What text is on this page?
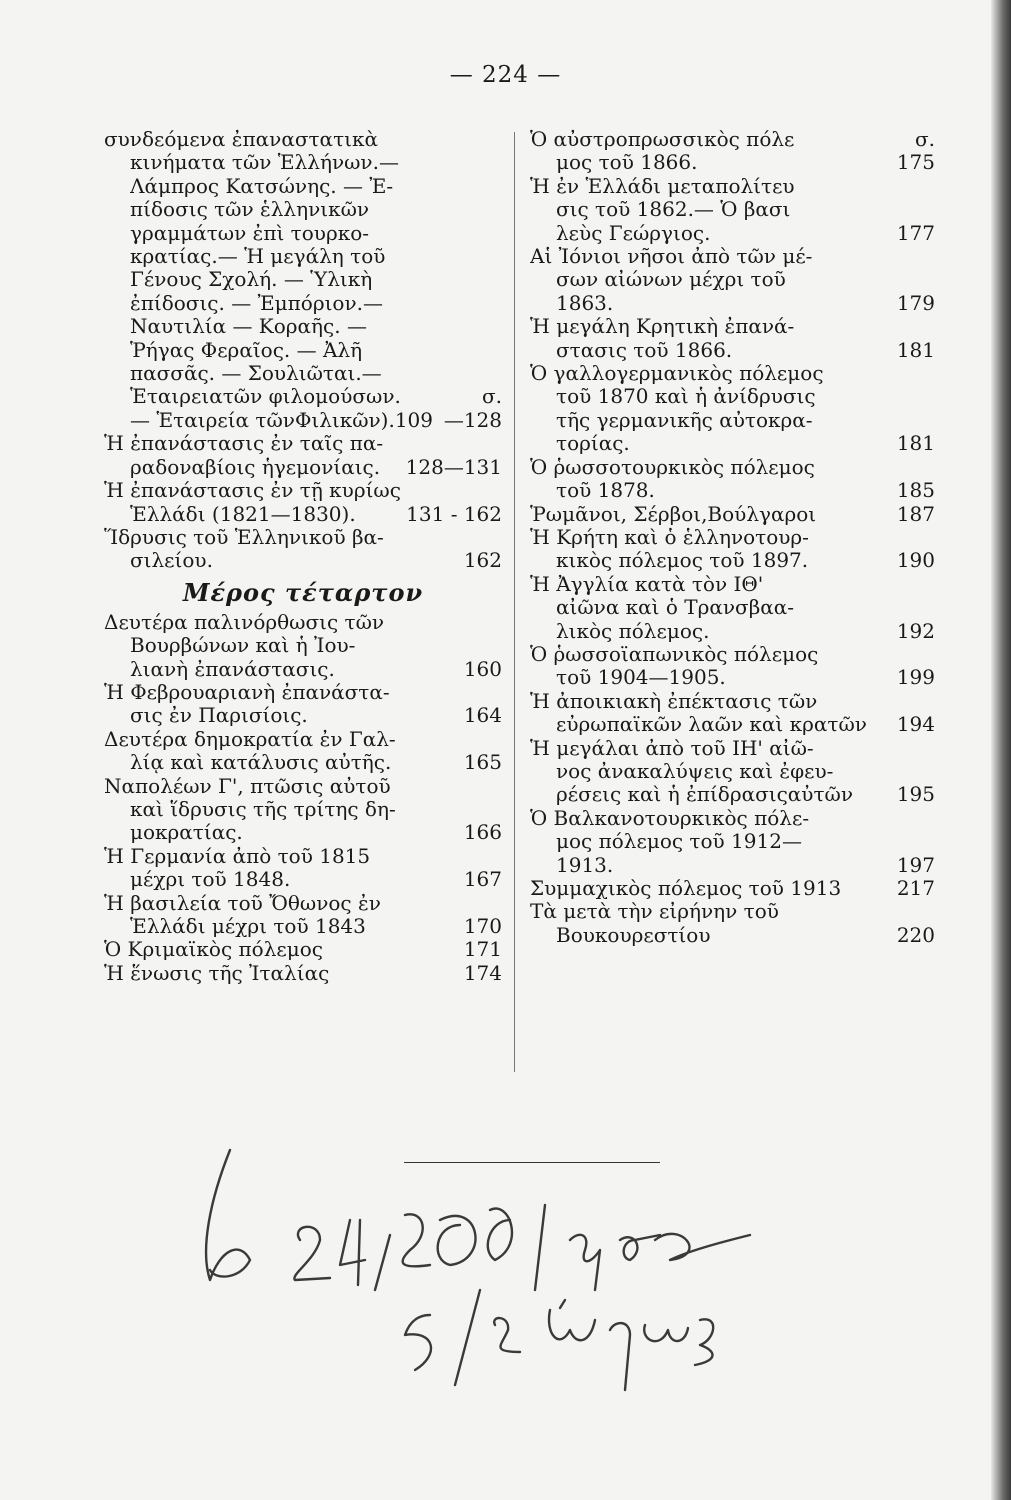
— 224 —
συνδεόμενα ἐπαναστατικὰ
κινήματα τῶν Ἑλλήνων.—
Λάμπρος Κατσώνης. — Ἐ-
πίδοσις τῶν ἑλληνικῶν
γραμμάτων ἐπὶ τουρκο-
κρατίας.— Ἡ μεγάλη τοῦ
Γένους Σχολή. — Ὑλικὴ
ἐπίδοσις. — Ἐμπόριον.—
Ναυτιλία — Κοραῆς. —
Ῥήγας Φεραῖος. — Ἀλῆ
πασσᾶς. — Σουλιῶται.—
Ἑταιρειατῶν φιλομούσων.	σ.
— Ἑταιρεία τῶνΦιλικῶν).109 —128
Ἡ ἐπανάστασις ἐν ταῖς πα-
ραδοναβίοις ἡγεμονίαις.	128—131
Ἡ ἐπανάστασις ἐν τῇ κυρίως
Ἑλλάδι (1821—1830).	131 - 162
Ἵδρυσις τοῦ Ἑλληνικοῦ βα-
σιλείου.	162
Μέρος τέταρτον
Δευτέρα παλινόρθωσις τῶν
Βουρβώνων καὶ ἡ Ἰου-
λιανὴ ἐπανάστασις.	160
Ἡ Φεβρουαριανὴ ἐπανάστα-
σις ἐν Παρισίοις.	164
Δευτέρα δημοκρατία ἐν Γαλ-
λίᾳ καὶ κατάλυσις αὐτῆς.	165
Ναπολέων Γ', πτῶσις αὐτοῦ
καὶ ἵδρυσις τῆς τρίτης δη-
μοκρατίας.	166
Ἡ Γερμανία ἀπὸ τοῦ 1815
μέχρι τοῦ 1848.	167
Ἡ βασιλεία τοῦ Ὄθωνος ἐν
Ἑλλάδι μέχρι τοῦ 1843	170
Ὁ Κριμαϊκὸς πόλεμος	171
Ἡ ἕνωσις τῆς Ἰταλίας	174
Ὁ αὐστροπρωσσικὸς πόλε	σ.
μος τοῦ 1866.	175
Ἡ ἐν Ἑλλάδι μεταπολίτευ
σις τοῦ 1862.— Ὁ βασι
λεὺς Γεώργιος.	177
Αἱ Ἰόνιοι νῆσοι ἀπὸ τῶν μέ-
σων αἰώνων μέχρι τοῦ
1863.	179
Ἡ μεγάλη Κρητικὴ ἐπανά-
στασις τοῦ 1866.	181
Ὁ γαλλογερμανικὸς πόλεμος
τοῦ 1870 καὶ ἡ ἀνίδρυσις
τῆς γερμανικῆς αὐτοκρα-
τορίας.	181
Ὁ ῥωσσοτουρκικὸς πόλεμος
τοῦ 1878.	185
Ῥωμᾶνοι, Σέρβοι,Βούλγαροι	187
Ἡ Κρήτη καὶ ὁ ἑλληνοτουρ-
κικὸς πόλεμος τοῦ 1897.	190
Ἡ Ἀγγλία κατὰ τὸν ΙΘ'
αἰῶνα καὶ ὁ Τρανσβαα-
λικὸς πόλεμος.	192
Ὁ ῥωσσοϊαπωνικὸς πόλεμος
τοῦ 1904—1905.	199
Ἡ ἀποικιακὴ ἐπέκτασις τῶν
εὐρωπαϊκῶν λαῶν καὶ κρατῶν	194
Ἡ μεγάλαι ἀπὸ τοῦ ΙΗ' αἰῶ-
νος ἀνακαλύψεις καὶ ἐφευ-
ρέσεις καὶ ἡ ἐπίδρασιςαὐτῶν	195
Ὁ Βαλκανοτουρκικὸς πόλε-
μος πόλεμος τοῦ 1912—
1913.	197
Συμμαχικὸς πόλεμος τοῦ 1913	217
Τὰ μετὰ τὴν εἰρήνην τοῦ
Βουκουρεστίου	220
